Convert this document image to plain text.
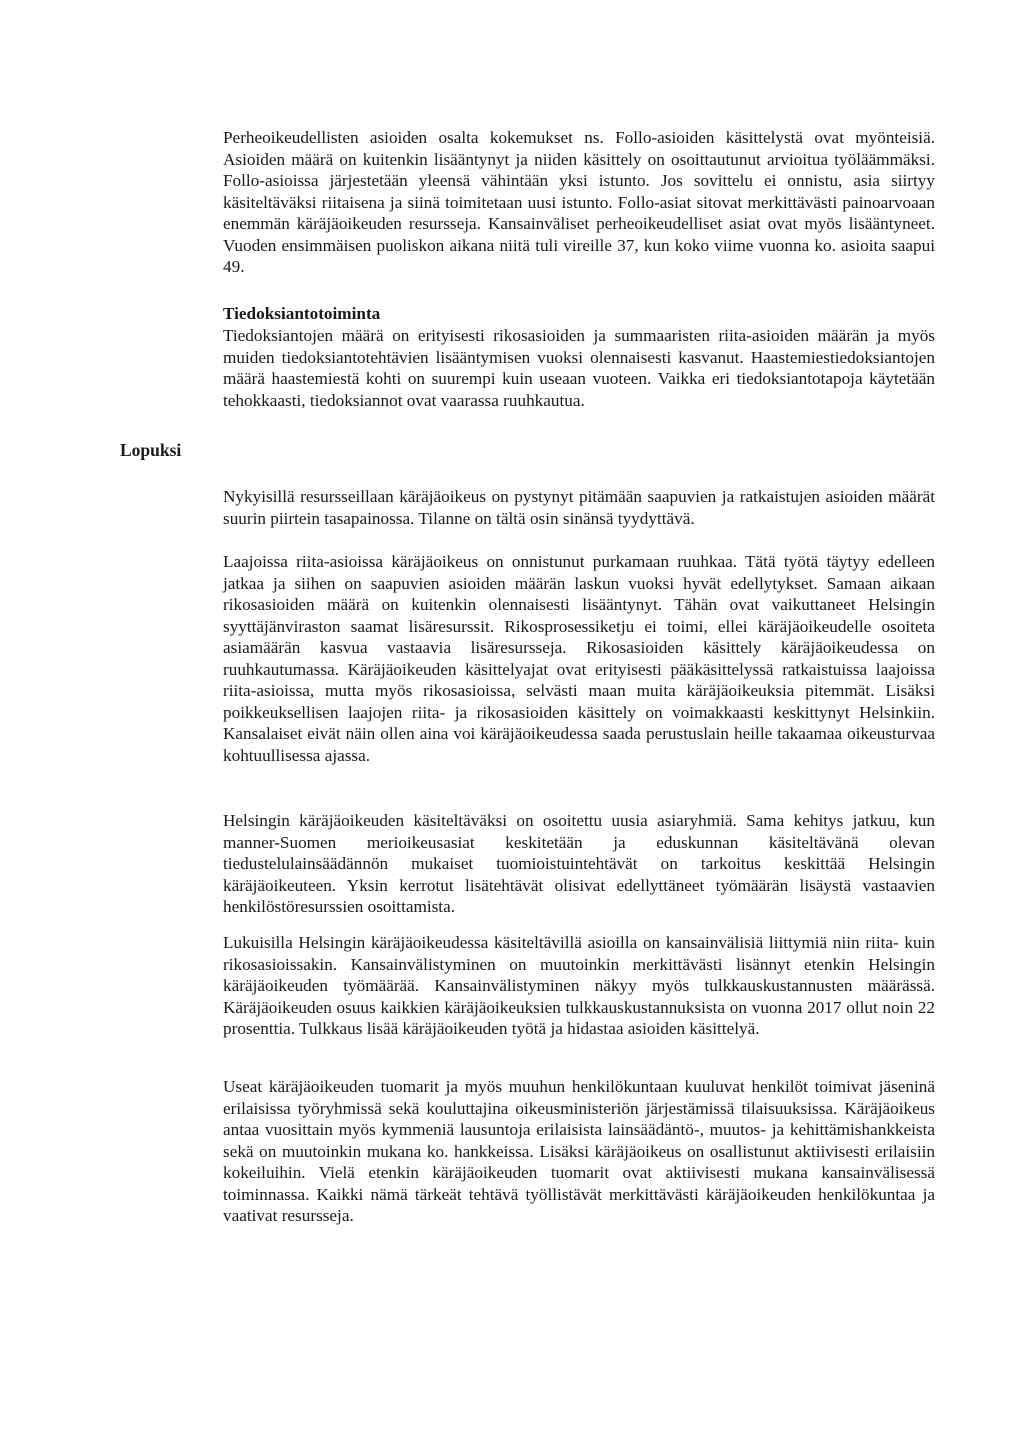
Perheoikeudellisten asioiden osalta kokemukset ns. Follo-asioiden käsittelystä ovat myönteisiä. Asioiden määrä on kuitenkin lisääntynyt ja niiden käsittely on osoittautunut arvioitua työläämmäksi. Follo-asioissa järjestetään yleensä vähintään yksi istunto. Jos sovittelu ei onnistu, asia siirtyy käsiteltäväksi riitaisena ja siinä toimitetaan uusi istunto. Follo-asiat sitovat merkittävästi painoarvoaan enemmän käräjäoikeuden resursseja. Kansainväliset perheoikeudelliset asiat ovat myös lisääntyneet. Vuoden ensimmäisen puoliskon aikana niitä tuli vireille 37, kun koko viime vuonna ko. asioita saapui 49.

Tiedoksiantotoiminta

Tiedoksiantojen määrä on erityisesti rikosasioiden ja summaaristen riita-asioiden määrän ja myös muiden tiedoksiantotehtävien lisääntymisen vuoksi olennaisesti kasvanut. Haastemiestiedoksiantojen määrä haastemiestä kohti on suurempi kuin useaan vuoteen. Vaikka eri tiedoksiantotapoja käytetään tehokkaasti, tiedoksiannot ovat vaarassa ruuhkautua.

Lopuksi

Nykyisillä resursseillaan käräjäoikeus on pystynyt pitämään saapuvien ja ratkaistujen asioiden määrät suurin piirtein tasapainossa. Tilanne on tältä osin sinänsä tyydyttävä.

Laajoissa riita-asioissa käräjäoikeus on onnistunut purkamaan ruuhkaa. Tätä työtä täytyy edelleen jatkaa ja siihen on saapuvien asioiden määrän laskun vuoksi hyvät edellytykset. Samaan aikaan rikosasioiden määrä on kuitenkin olennaisesti lisääntynyt. Tähän ovat vaikuttaneet Helsingin syyttäjänviraston saamat lisäresurssit. Rikosprosessiketju ei toimi, ellei käräjäoikeudelle osoiteta asiamäärän kasvua vastaavia lisäresursseja. Rikosasioiden käsittely käräjäoikeudessa on ruuhkautumassa. Käräjäoikeuden käsittelyajat ovat erityisesti pääkäsittelyssä ratkaistuissa laajoissa riita-asioissa, mutta myös rikosasioissa, selvästi maan muita käräjäoikeuksia pitemmät. Lisäksi poikkeuksellisen laajojen riita- ja rikosasioiden käsittely on voimakkaasti keskittynyt Helsinkiin. Kansalaiset eivät näin ollen aina voi käräjäoikeudessa saada perustuslain heille takaamaa oikeusturvaa kohtuullisessa ajassa.

Helsingin käräjäoikeuden käsiteltäväksi on osoitettu uusia asiaryhmiä. Sama kehitys jatkuu, kun manner-Suomen merioikeusasiat keskitetään ja eduskunnan käsiteltävänä olevan tiedustelulainsäädännön mukaiset tuomioistuintehtävät on tarkoitus keskittää Helsingin käräjäoikeuteen. Yksin kerrotut lisätehtävät olisivat edellyttäneet työmäärän lisäystä vastaavien henkilöstöresurssien osoittamista.

Lukuisilla Helsingin käräjäoikeudessa käsiteltävillä asioilla on kansainvälisiä liittymiä niin riita- kuin rikosasioissakin. Kansainvälistyminen on muutoinkin merkittävästi lisännyt etenkin Helsingin käräjäoikeuden työmäärää. Kansainvälistyminen näkyy myös tulkkauskustannusten määrässä. Käräjäoikeuden osuus kaikkien käräjäoikeuksien tulkkauskustannuksista on vuonna 2017 ollut noin 22 prosenttia. Tulkkaus lisää käräjäoikeuden työtä ja hidastaa asioiden käsittelyä.

Useat käräjäoikeuden tuomarit ja myös muuhun henkilökuntaan kuuluvat henkilöt toimivat jäseninä erilaisissa työryhmissä sekä kouluttajina oikeusministeriön järjestämissä tilaisuuksissa. Käräjäoikeus antaa vuosittain myös kymmeniä lausuntoja erilaisista lainsäädäntö-, muutos- ja kehittämishankkeista sekä on muutoinkin mukana ko. hankkeissa. Lisäksi käräjäoikeus on osallistunut aktiivisesti erilaisiin kokeiluihin. Vielä etenkin käräjäoikeuden tuomarit ovat aktiivisesti mukana kansainvälisessä toiminnassa. Kaikki nämä tärkeät tehtävä työllistävät merkittävästi käräjäoikeuden henkilökuntaa ja vaativat resursseja.
